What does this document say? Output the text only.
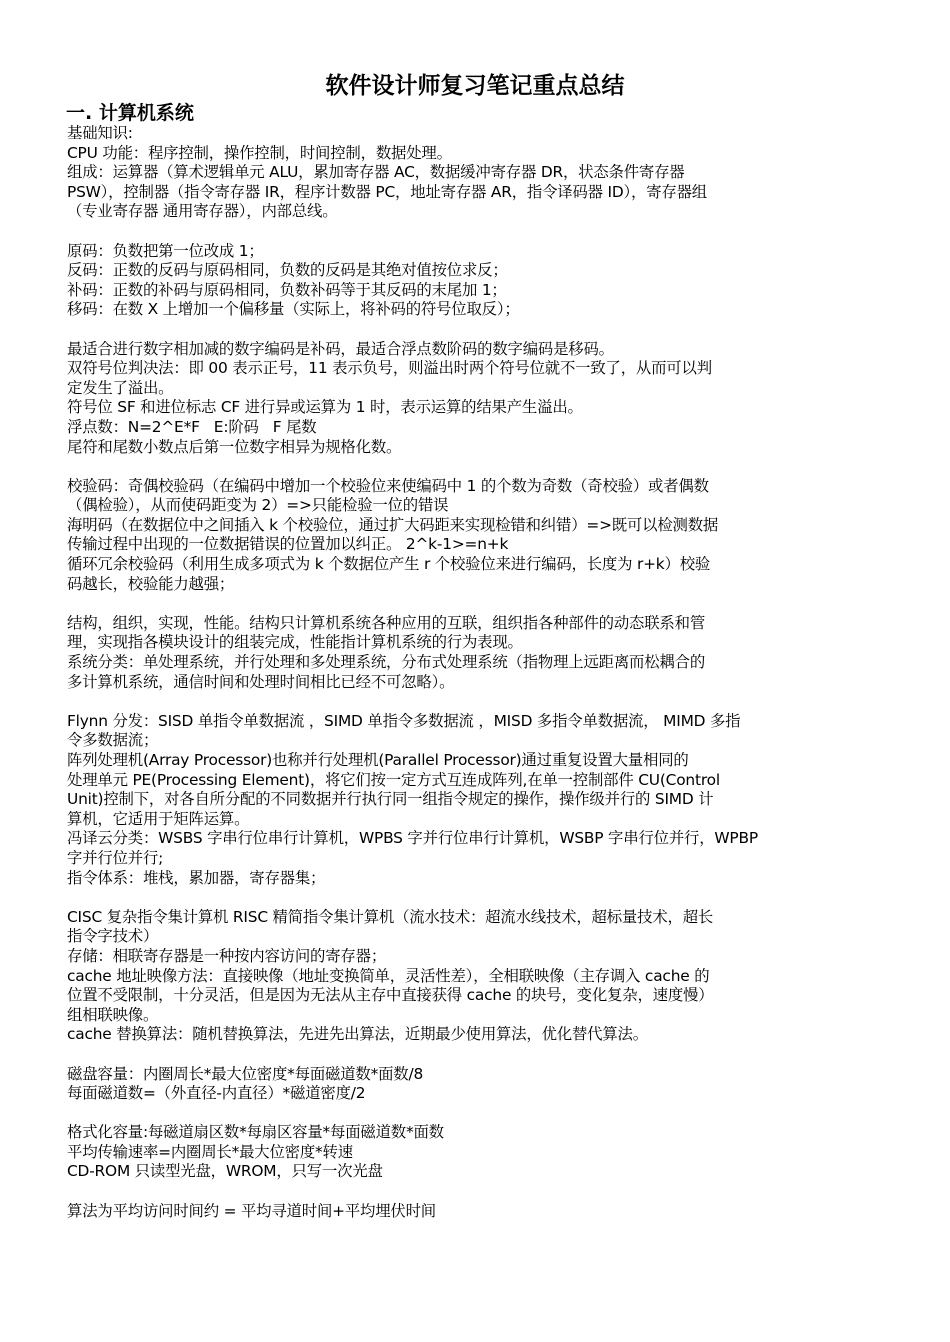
软件设计师复习笔记重点总结
一. 计算机系统
基础知识:
CPU 功能：程序控制，操作控制，时间控制，数据处理。
组成：运算器（算术逻辑单元 ALU，累加寄存器 AC，数据缓冲寄存器 DR，状态条件寄存器
PSW），控制器（指令寄存器 IR，程序计数器 PC，地址寄存器 AR，指令译码器 ID），寄存器组
（专业寄存器 通用寄存器），内部总线。
原码：负数把第一位改成 1；
反码：正数的反码与原码相同，负数的反码是其绝对值按位求反；
补码：正数的补码与原码相同，负数补码等于其反码的末尾加 1；
移码：在数 X 上增加一个偏移量（实际上，将补码的符号位取反）；
最适合进行数字相加减的数字编码是补码，最适合浮点数阶码的数字编码是移码。
双符号位判决法：即 00 表示正号，11 表示负号，则溢出时两个符号位就不一致了，从而可以判
定发生了溢出。
符号位 SF 和进位标志 CF 进行异或运算为 1 时，表示运算的结果产生溢出。
浮点数：N=2^E*F   E:阶码   F 尾数
尾符和尾数小数点后第一位数字相异为规格化数。
校验码：奇偶校验码（在编码中增加一个校验位来使编码中 1 的个数为奇数（奇校验）或者偶数
（偶检验），从而使码距变为 2）=>只能检验一位的错误
海明码（在数据位中之间插入 k 个校验位，通过扩大码距来实现检错和纠错）=>既可以检测数据
传输过程中出现的一位数据错误的位置加以纠正。 2^k-1>=n+k
循环冗余校验码（利用生成多项式为 k 个数据位产生 r 个校验位来进行编码，长度为 r+k）校验
码越长，校验能力越强；
结构，组织，实现，性能。结构只计算机系统各种应用的互联，组织指各种部件的动态联系和管
理，实现指各模块设计的组装完成，性能指计算机系统的行为表现。
系统分类：单处理系统，并行处理和多处理系统，分布式处理系统（指物理上远距离而松耦合的
多计算机系统，通信时间和处理时间相比已经不可忽略）。
Flynn 分发：SISD 单指令单数据流 ，SIMD 单指令多数据流 ，MISD 多指令单数据流， MIMD 多指
令多数据流；
阵列处理机(Array Processor)也称并行处理机(Parallel Processor)通过重复设置大量相同的
处理单元 PE(Processing Element)，将它们按一定方式互连成阵列,在单一控制部件 CU(Control
Unit)控制下，对各自所分配的不同数据并行执行同一组指令规定的操作，操作级并行的 SIMD 计
算机，它适用于矩阵运算。
冯译云分类：WSBS 字串行位串行计算机，WPBS 字并行位串行计算机，WSBP 字串行位并行，WPBP
字并行位并行;
指令体系：堆栈，累加器，寄存器集；
CISC 复杂指令集计算机 RISC 精简指令集计算机（流水技术：超流水线技术，超标量技术，超长
指令字技术）
存储：相联寄存器是一种按内容访问的寄存器；
cache 地址映像方法：直接映像（地址变换简单，灵活性差），全相联映像（主存调入 cache 的
位置不受限制，十分灵活，但是因为无法从主存中直接获得 cache 的块号，变化复杂，速度慢）
组相联映像。
cache 替换算法：随机替换算法，先进先出算法，近期最少使用算法，优化替代算法。
磁盘容量：内圈周长*最大位密度*每面磁道数*面数/8
每面磁道数=（外直径-内直径）*磁道密度/2
格式化容量:每磁道扇区数*每扇区容量*每面磁道数*面数
平均传输速率=内圈周长*最大位密度*转速
CD-ROM 只读型光盘，WROM，只写一次光盘
算法为平均访问时间约 = 平均寻道时间+平均埋伏时间
